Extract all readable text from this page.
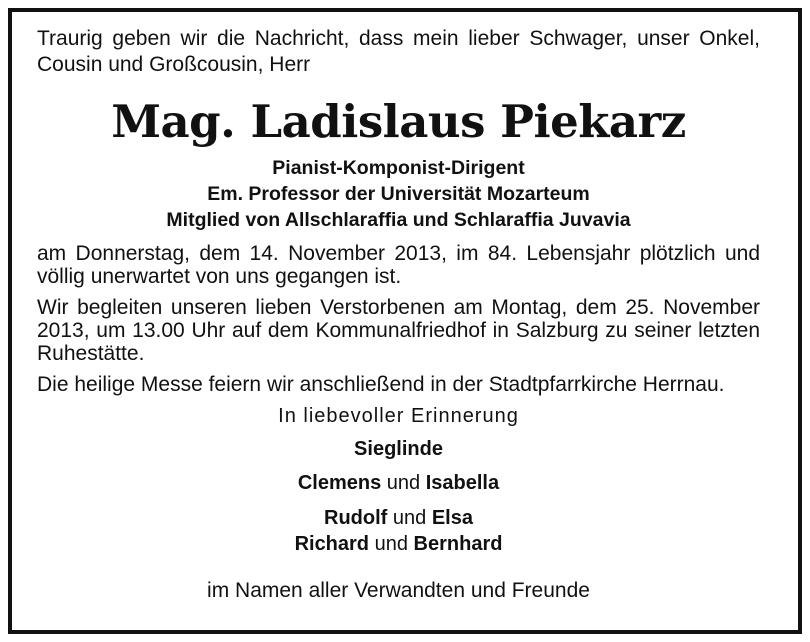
Traurig geben wir die Nachricht, dass mein lieber Schwager, unser Onkel, Cousin und Großcousin, Herr

Mag. Ladislaus Piekarz
Pianist-Komponist-Dirigent
Em. Professor der Universität Mozarteum
Mitglied von Allschlaraffia und Schlaraffia Juvavia

am Donnerstag, dem 14. November 2013, im 84. Lebensjahr plötzlich und völlig unerwartet von uns gegangen ist.

Wir begleiten unseren lieben Verstorbenen am Montag, dem 25. November 2013, um 13.00 Uhr auf dem Kommunalfriedhof in Salzburg zu seiner letzten Ruhestätte.

Die heilige Messe feiern wir anschließend in der Stadtpfarrkirche Herrnau.

In liebevoller Erinnerung
Sieglinde
Clemens und Isabella
Rudolf und Elsa
Richard und Bernhard
im Namen aller Verwandten und Freunde
